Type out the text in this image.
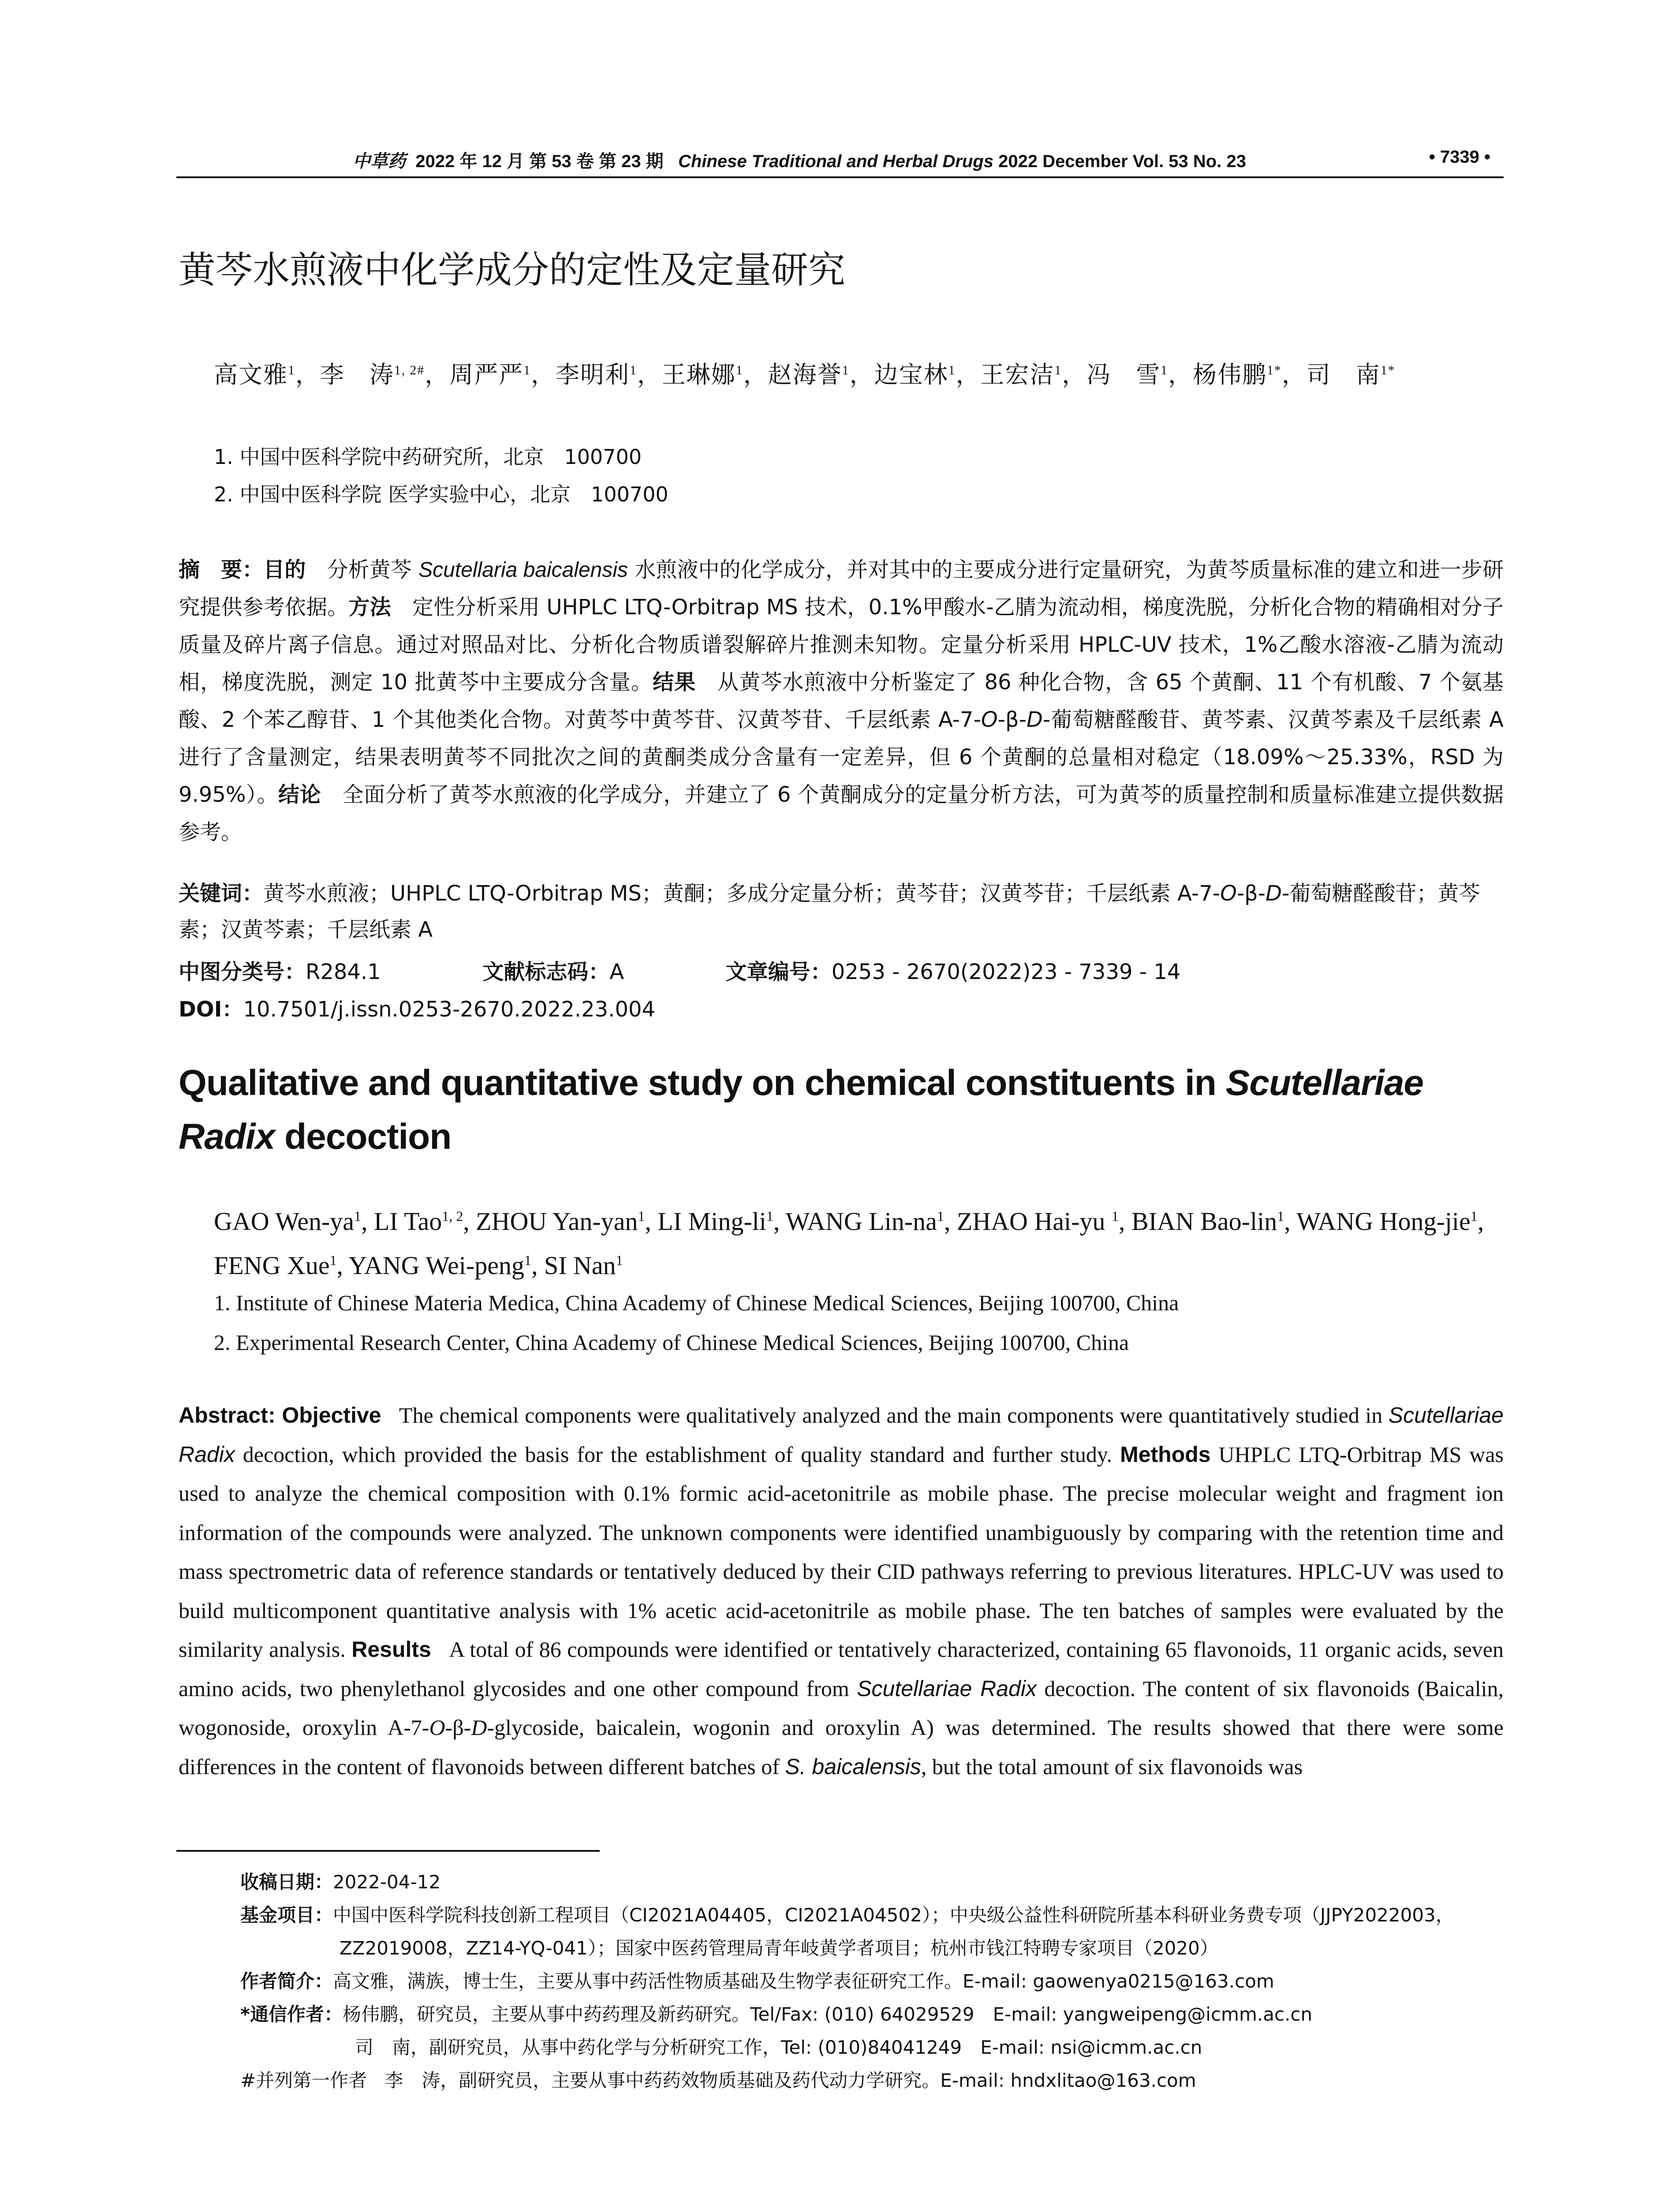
中草药 2022 年 12 月 第 53 卷 第 23 期 Chinese Traditional and Herbal Drugs 2022 December Vol. 53 No. 23	• 7339 •
黄芩水煎液中化学成分的定性及定量研究
高文雅$^1$，李　涛$^{1, 2\#}$，周严严$^1$，李明利$^1$，王琳娜$^1$，赵海誉$^1$，边宝林$^1$，王宏洁$^1$，冯　雪$^1$，杨伟鹏$^{1*}$，司　南$^{1*}$
1. 中国中医科学院中药研究所，北京　100700
2. 中国中医科学院 医学实验中心，北京　100700
摘　要：目的　分析黄芩 Scutellaria baicalensis 水煎液中的化学成分，并对其中的主要成分进行定量研究，为黄芩质量标准的建立和进一步研究提供参考依据。方法　定性分析采用 UHPLC LTQ-Orbitrap MS 技术，0.1%甲酸水-乙腈为流动相，梯度洗脱，分析化合物的精确相对分子质量及碎片离子信息。通过对照品对比、分析化合物质谱裂解碎片推测未知物。定量分析采用 HPLC-UV 技术，1%乙酸水溶液-乙腈为流动相，梯度洗脱，测定 10 批黄芩中主要成分含量。结果　从黄芩水煎液中分析鉴定了 86 种化合物，含 65 个黄酮、11 个有机酸、7 个氨基酸、2 个苯乙醇苷、1 个其他类化合物。对黄芩中黄芩苷、汉黄芩苷、千层纸素 A-7-O-β-D-葡萄糖醛酸苷、黄芩素、汉黄芩素及千层纸素 A 进行了含量测定，结果表明黄芩不同批次之间的黄酮类成分含量有一定差异，但 6 个黄酮的总量相对稳定（18.09%～25.33%，RSD 为 9.95%）。结论　全面分析了黄芩水煎液的化学成分，并建立了 6 个黄酮成分的定量分析方法，可为黄芩的质量控制和质量标准建立提供数据参考。
关键词：黄芩水煎液；UHPLC LTQ-Orbitrap MS；黄酮；多成分定量分析；黄芩苷；汉黄芩苷；千层纸素 A-7-O-β-D-葡萄糖醛酸苷；黄芩素；汉黄芩素；千层纸素 A
中图分类号：R284.1	文献标志码：A	文章编号：0253 - 2670(2022)23 - 7339 - 14
DOI：10.7501/j.issn.0253-2670.2022.23.004
Qualitative and quantitative study on chemical constituents in Scutellariae Radix decoction
GAO Wen-$ya^1$, LI Tao$^{1, 2}$, ZHOU Yan-yan$^1$, LI Ming-$li^1$, WANG Lin-$na^1$, ZHAO Hai-yu $^1$, BIAN Bao-lin$^1$, WANG Hong-jie$^1$, FENG Xue$^1$, YANG Wei-peng$^1$, SI Nan$^1$
1. Institute of Chinese Materia Medica, China Academy of Chinese Medical Sciences, Beijing 100700, China
2. Experimental Research Center, China Academy of Chinese Medical Sciences, Beijing 100700, China
Abstract: Objective   The chemical components were qualitatively analyzed and the main components were quantitatively studied in Scutellariae Radix decoction, which provided the basis for the establishment of quality standard and further study. Methods UHPLC LTQ-Orbitrap MS was used to analyze the chemical composition with 0.1% formic acid-acetonitrile as mobile phase. The precise molecular weight and fragment ion information of the compounds were analyzed. The unknown components were identified unambiguously by comparing with the retention time and mass spectrometric data of reference standards or tentatively deduced by their CID pathways referring to previous literatures. HPLC-UV was used to build multicomponent quantitative analysis with 1% acetic acid-acetonitrile as mobile phase. The ten batches of samples were evaluated by the similarity analysis. Results   A total of 86 compounds were identified or tentatively characterized, containing 65 flavonoids, 11 organic acids, seven amino acids, two phenylethanol glycosides and one other compound from Scutellariae Radix decoction. The content of six flavonoids (Baicalin, wogonoside, oroxylin A-7-O-β-D-glycoside, baicalein, wogonin and oroxylin A) was determined. The results showed that there were some differences in the content of flavonoids between different batches of S. baicalensis, but the total amount of six flavonoids was
收稿日期：2022-04-12
基金项目：中国中医科学院科技创新工程项目（CI2021A04405，CI2021A04502）；中央级公益性科研院所基本科研业务费专项（JJPY2022003，
ZZ2019008，ZZ14-YQ-041）；国家中医药管理局青年岐黄学者项目；杭州市钱江特聘专家项目（2020）
作者简介：高文雅，满族，博士生，主要从事中药活性物质基础及生物学表征研究工作。E-mail: gaowenya0215@163.com
*通信作者：杨伟鹏，研究员，主要从事中药药理及新药研究。Tel/Fax: (010) 64029529　E-mail: yangweipeng@icmm.ac.cn
司　南，副研究员，从事中药化学与分析研究工作，Tel: (010)84041249　E-mail: nsi@icmm.ac.cn
#并列第一作者 李　涛，副研究员，主要从事中药药效物质基础及药代动力学研究。E-mail: hndxlitao@163.com
